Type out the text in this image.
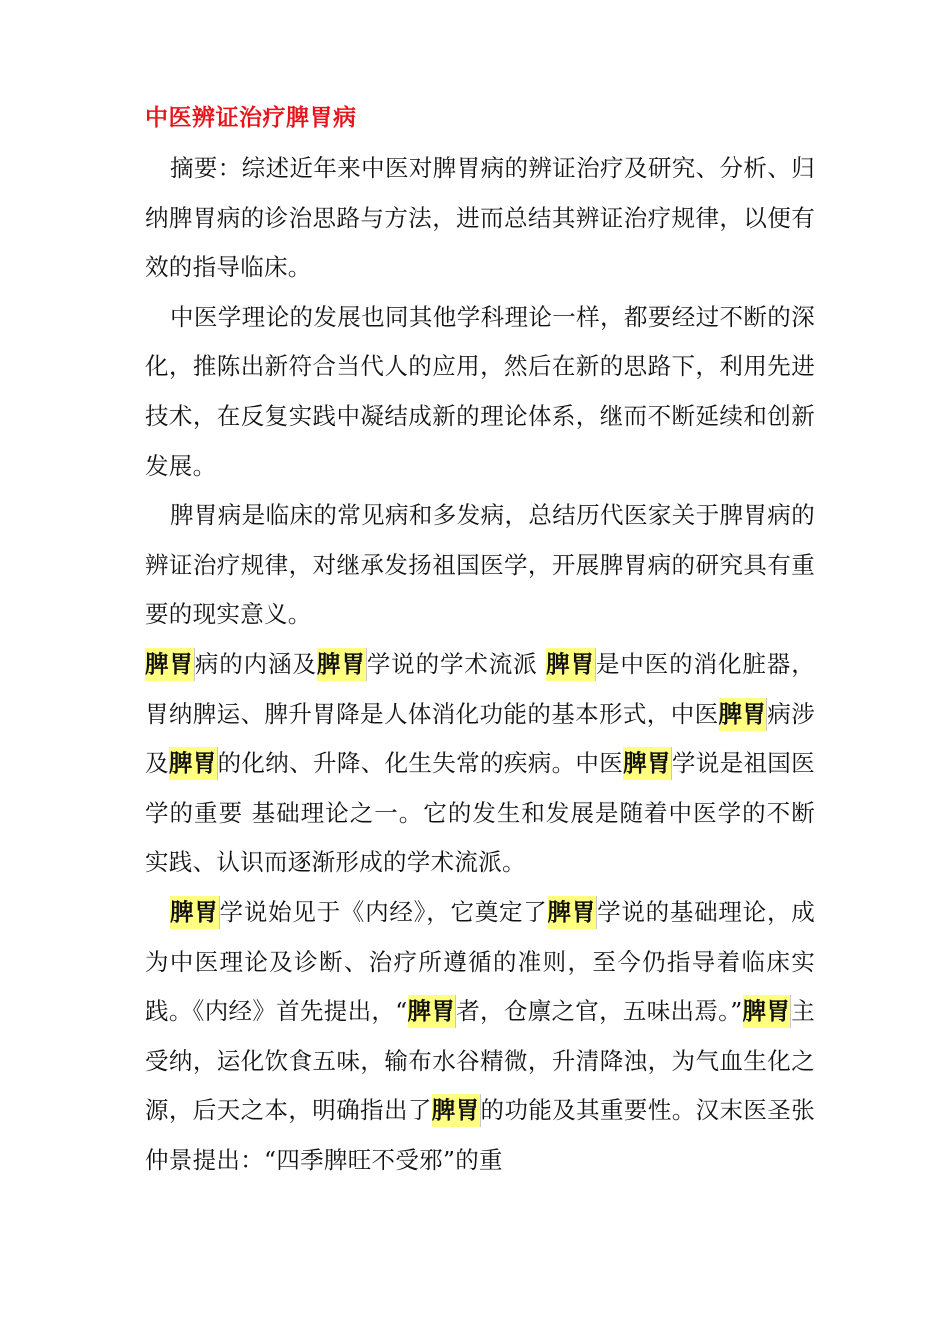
中医辨证治疗脾胃病

摘要：综述近年来中医对脾胃病的辨证治疗及研究、分析、归纳脾胃病的诊治思路与方法，进而总结其辨证治疗规律，以便有效的指导临床。

中医学理论的发展也同其他学科理论一样，都要经过不断的深化，推陈出新符合当代人的应用，然后在新的思路下，利用先进技术，在反复实践中凝结成新的理论体系，继而不断延续和创新发展。

脾胃病是临床的常见病和多发病，总结历代医家关于脾胃病的辨证治疗规律，对继承发扬祖国医学，开展脾胃病的研究具有重要的现实意义。

脾胃病的内涵及脾胃学说的学术流派 脾胃是中医的消化脏器，胃纳脾运、脾升胃降是人体消化功能的基本形式，中医脾胃病涉及脾胃的化纳、升降、化生失常的疾病。中医脾胃学说是祖国医学的重要 基础理论之一。它的发生和发展是随着中医学的不断实践、认识而逐渐形成的学术流派。

脾胃学说始见于《内经》，它奠定了脾胃学说的基础理论，成为中医理论及诊断、治疗所遵循的准则，至今仍指导着临床实践。《内经》首先提出，“脾胃者，仓廪之官，五味出焉。”脾胃主受纳，运化饮食五味，输布水谷精微，升清降浊，为气血生化之源，后天之本，明确指出了脾胃的功能及其重要性。汉末医圣张仲景提出：“四季脾旺不受邪”的重
